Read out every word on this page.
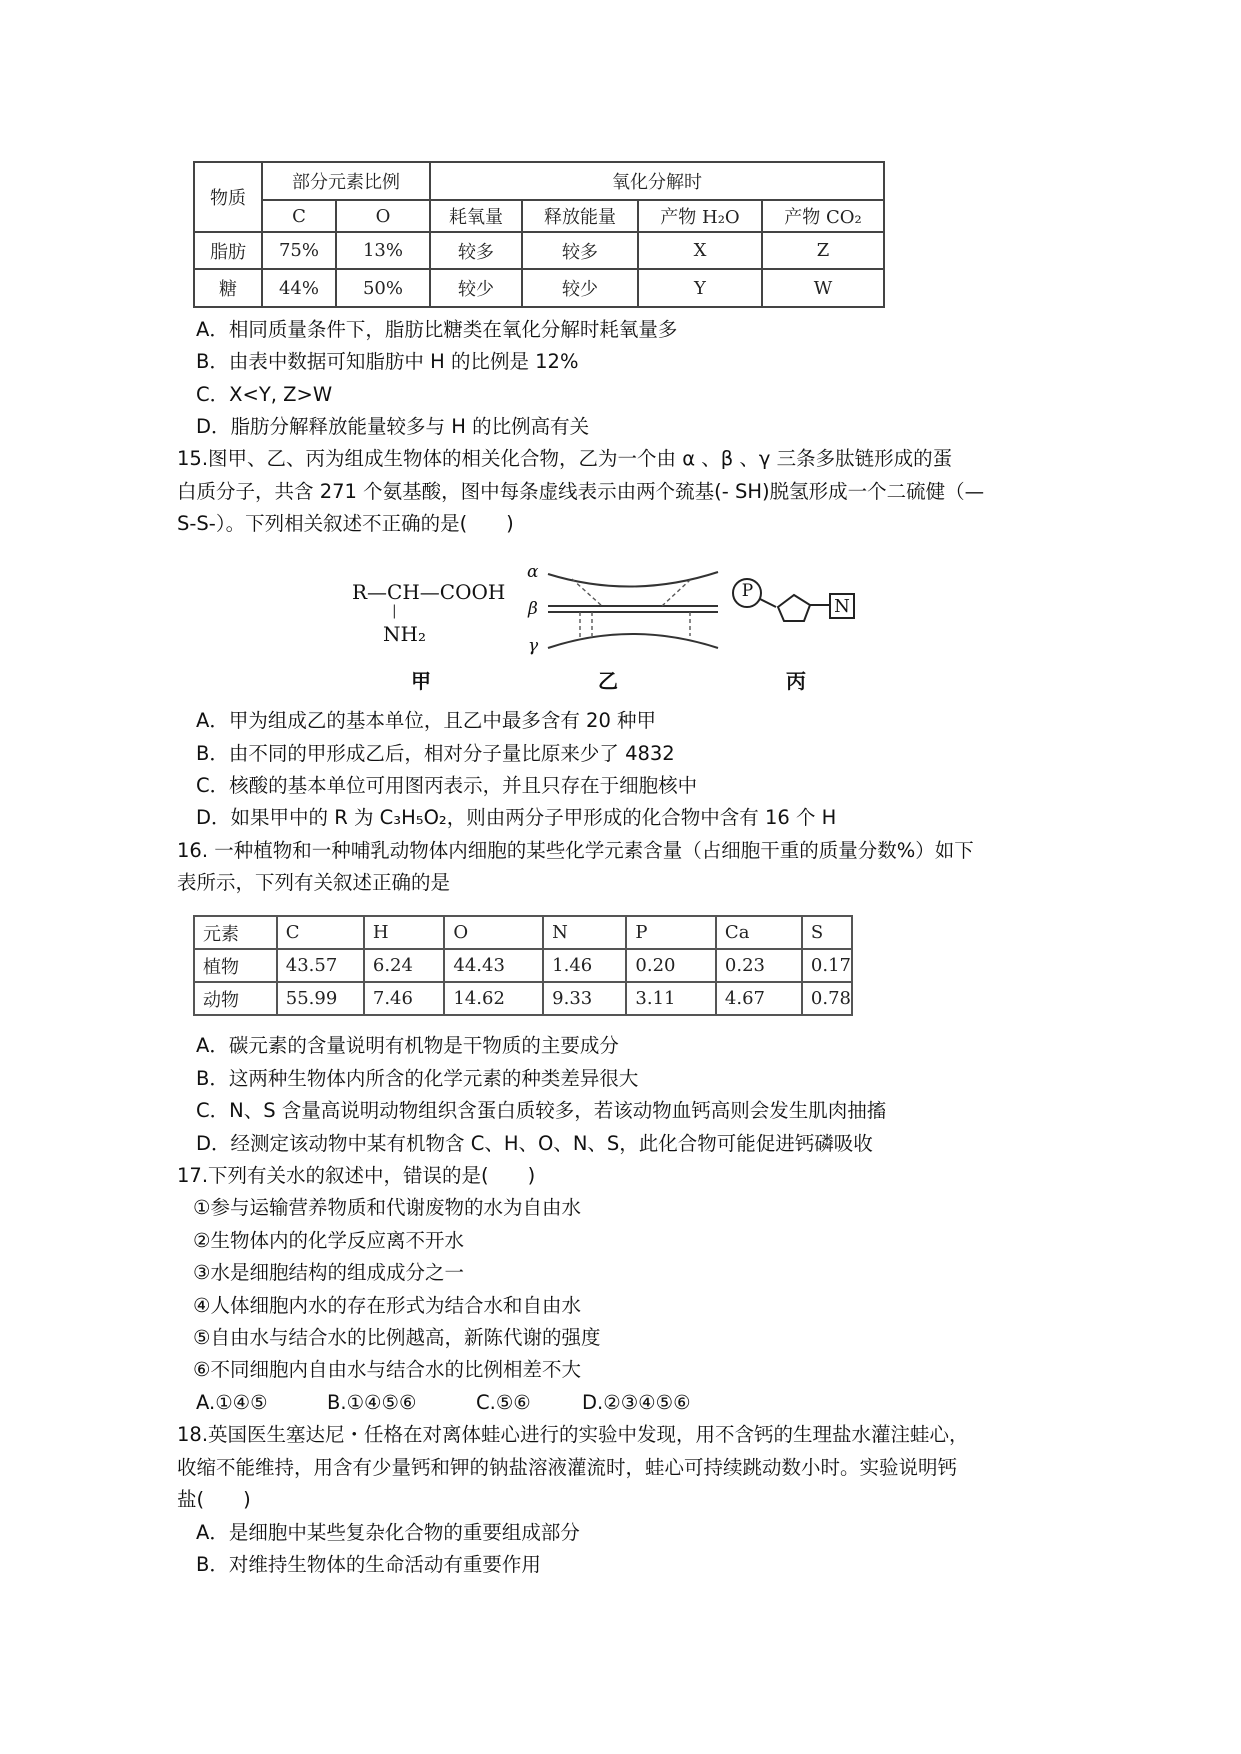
物质	部分元素比例		氧化分解时			
	C	O	耗氧量	释放能量	产物 H₂O	产物 CO₂
脂肪	75%	13%	较多	较多	X	Z
糖	44%	50%	较少	较少	Y	W
A．相同质量条件下，脂肪比糖类在氧化分解时耗氧量多
B．由表中数据可知脂肪中 H 的比例是 12%
C．X<Y, Z>W
D．脂肪分解释放能量较多与 H 的比例高有关
15.图甲、乙、丙为组成生物体的相关化合物，乙为一个由 α 、β 、γ 三条多肽链形成的蛋
白质分子，共含 271 个氨基酸，图中每条虚线表示由两个巯基(- SH)脱氢形成一个二硫健（—
S-S-）。下列相关叙述不正确的是(　　)
R—CH—COOH
|
NH₂
α
β
γ
P
N
甲	乙	丙
A．甲为组成乙的基本单位，且乙中最多含有 20 种甲
B．由不同的甲形成乙后，相对分子量比原来少了 4832
C．核酸的基本单位可用图丙表示，并且只存在于细胞核中
D．如果甲中的 R 为 C₃H₅O₂，则由两分子甲形成的化合物中含有 16 个 H
16. 一种植物和一种哺乳动物体内细胞的某些化学元素含量（占细胞干重的质量分数%）如下
表所示，下列有关叙述正确的是
元素	C	H	O	N	P	Ca	S
植物	43.57	6.24	44.43	1.46	0.20	0.23	0.17
动物	55.99	7.46	14.62	9.33	3.11	4.67	0.78
A．碳元素的含量说明有机物是干物质的主要成分
B．这两种生物体内所含的化学元素的种类差异很大
C．N、S 含量高说明动物组织含蛋白质较多，若该动物血钙高则会发生肌肉抽搐
D．经测定该动物中某有机物含 C、H、O、N、S，此化合物可能促进钙磷吸收
17.下列有关水的叙述中，错误的是(　　)
①参与运输营养物质和代谢废物的水为自由水
②生物体内的化学反应离不开水
③水是细胞结构的组成成分之一
④人体细胞内水的存在形式为结合水和自由水
⑤自由水与结合水的比例越高，新陈代谢的强度
⑥不同细胞内自由水与结合水的比例相差不大
A.①④⑤	B.①④⑤⑥	C.⑤⑥	D.②③④⑤⑥
18.英国医生塞达尼・任格在对离体蛙心进行的实验中发现，用不含钙的生理盐水灌注蛙心，
收缩不能维持，用含有少量钙和钾的钠盐溶液灌流时，蛙心可持续跳动数小时。实验说明钙
盐(　　)
A．是细胞中某些复杂化合物的重要组成部分
B．对维持生物体的生命活动有重要作用
